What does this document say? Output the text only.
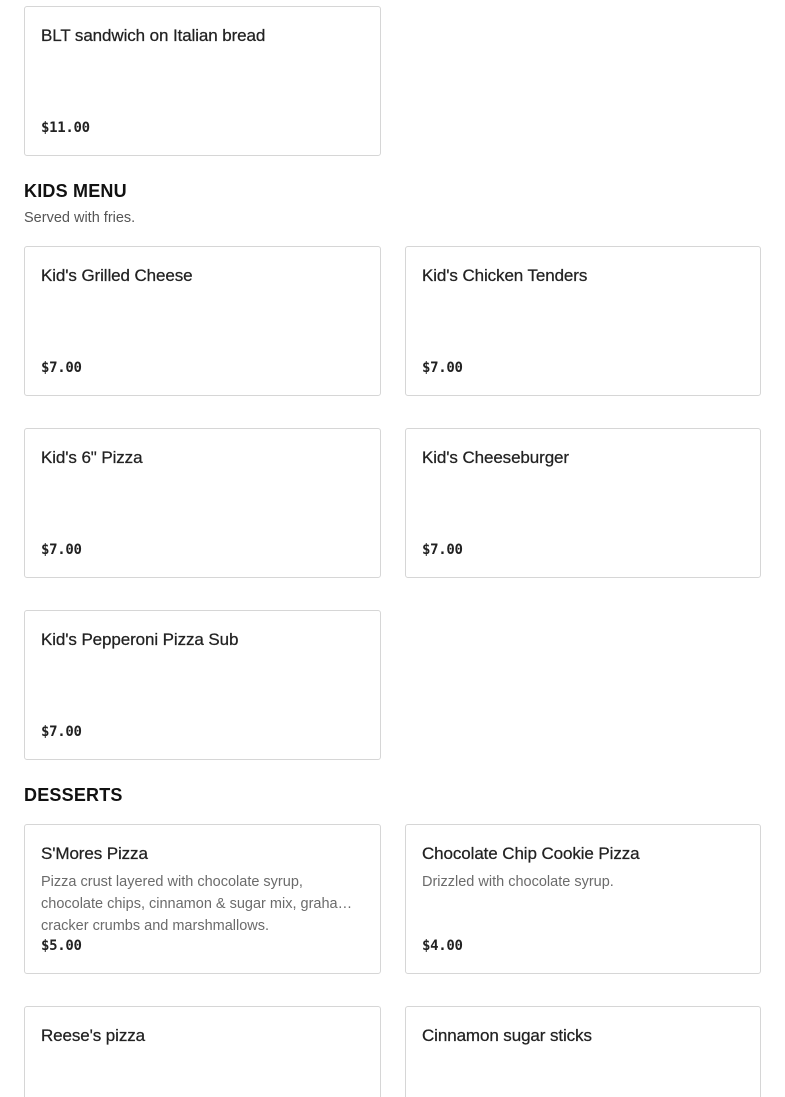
BLT sandwich on Italian bread
$11.00
KIDS MENU

Served with fries.

Kid's Grilled Cheese
$7.00
Kid's Chicken Tenders
$7.00
Kid's 6" Pizza
$7.00
Kid's Cheeseburger
$7.00
Kid's Pepperoni Pizza Sub
$7.00
DESSERTS
S'Mores Pizza
Pizza crust layered with chocolate syrup, chocolate chips, cinnamon & sugar mix, graham cracker crumbs and marshmallows.
$5.00
Chocolate Chip Cookie Pizza
Drizzled with chocolate syrup.
$4.00
Reese's pizza	Cinnamon sugar sticks
